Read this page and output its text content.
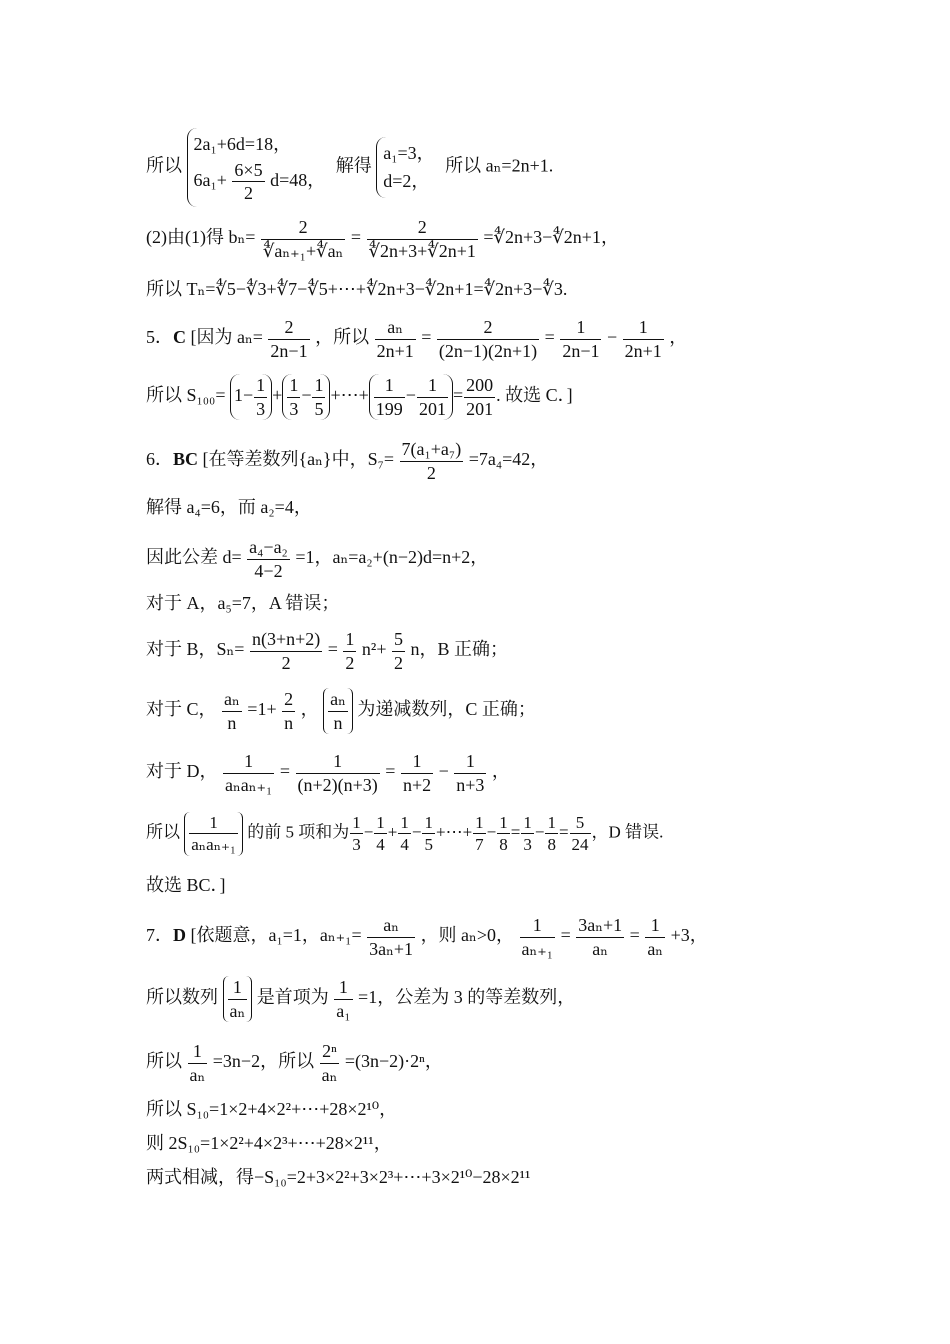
所以
2a₁+6d=18，
$6a_1+ \frac{6\times 5}{2} d=48$，
解得
a₁=3，
d=2，
所以 aₙ=2n+1.
(2)由(1)得 $b_n= \frac{2}{\text{∜aₙ₊₁+∜aₙ}} = \frac{2}{∜2n+3+∜2n+1}$ =∜2n+3−∜2n+1，
所以 Tₙ=∜5−∜3+∜7−∜5+⋯+∜2n+3−∜2n+1=∜2n+3−∜3.
5．C [因为 $a_n= \frac{2}{2n-1}$ ，所以 $\frac{\text{aₙ}}{2n+1} = \frac{2}{(2n-1)(2n+1)} = \frac{1}{2n-1} - \frac{1}{2n+1}$ ，
所以 $S_{100}= 1- \frac{1}{3} + \frac{1}{3} - \frac{1}{5}$ +⋯+ $\frac{1}{199} - \frac{1}{201} = \frac{200}{201}$ . 故选 C．]
6．BC [在等差数列{aₙ}中，$S_7= \frac{\text{7(a₁+a₇)}}{2} =7a_4=42$，
解得 a₄=6，而 a₂=4，
因此公差 $d= \frac{\text{a₄−a₂}}{4-2} =1$，aₙ=a₂+(n−2)d=n+2，
对于 A，a₅=7，A 错误；
对于 B，$S_n= \frac{n(3+n+2)}{2} = \frac{1}{2} n^2+ \frac{5}{2}$ n，B 正确；
对于 C， $\frac{\text{aₙ}}{n} =1+ \frac{2}{n}$ ， $\frac{\text{aₙ}}{n}$ 为递减数列，C 正确；
对于 D， $\frac{1}{\text{aₙaₙ₊₁}} = \frac{1}{(n+2)(n+3)} = \frac{1}{n+2} - \frac{1}{n+3}$ ，
所以 $\frac{1}{\text{aₙaₙ₊₁}}$ 的前 5 项和为 $\frac{1}{3} - \frac{1}{4} + \frac{1}{4} - \frac{1}{5}$ +⋯+ $\frac{1}{7} - \frac{1}{8} = \frac{1}{3} - \frac{1}{8} = \frac{5}{24}$ ，D 错误.
故选 BC．]
7．D [依题意，a₁=1，$a_{n+1}= \frac{\text{aₙ}}{\text{3aₙ+1}}$ ，则 aₙ>0， $\frac{1}{\text{aₙ₊₁}} = \frac{\text{3aₙ+1}}{\text{aₙ}} = \frac{1}{\text{aₙ}} +3$，
所以数列 $\frac{1}{\text{aₙ}}$ 是首项为 $\frac{1}{\text{a₁}} =1$，公差为 3 的等差数列，
所以 $\frac{1}{\text{aₙ}} =3n-2$，所以 $\frac{\text{2ⁿ}}{\text{aₙ}} =(3n-2)\cdot 2^n$，
所以 S₁₀=1×2+4×2²+⋯+28×2¹⁰，
则 2S₁₀=1×2²+4×2³+⋯+28×2¹¹，
两式相减，得−S₁₀=2+3×2²+3×2³+⋯+3×2¹⁰−28×2¹¹
